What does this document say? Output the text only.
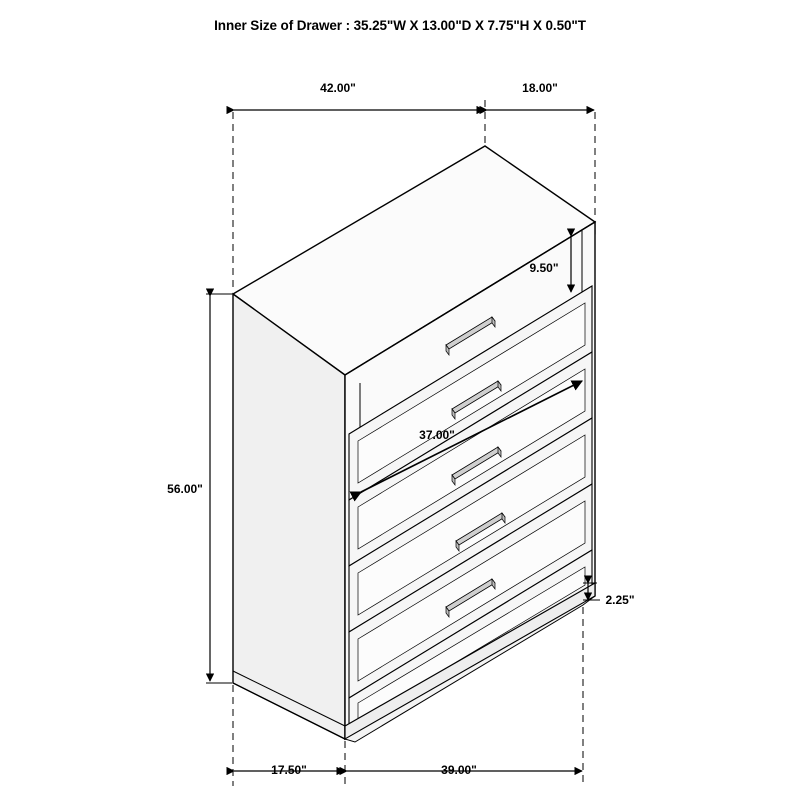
Inner Size of Drawer : 35.25"W X 13.00"D X 7.75"H X 0.50"T
42.00"	18.00"
9.50"
56.00"
37.00"
2.25"
17.50"	39.00"
